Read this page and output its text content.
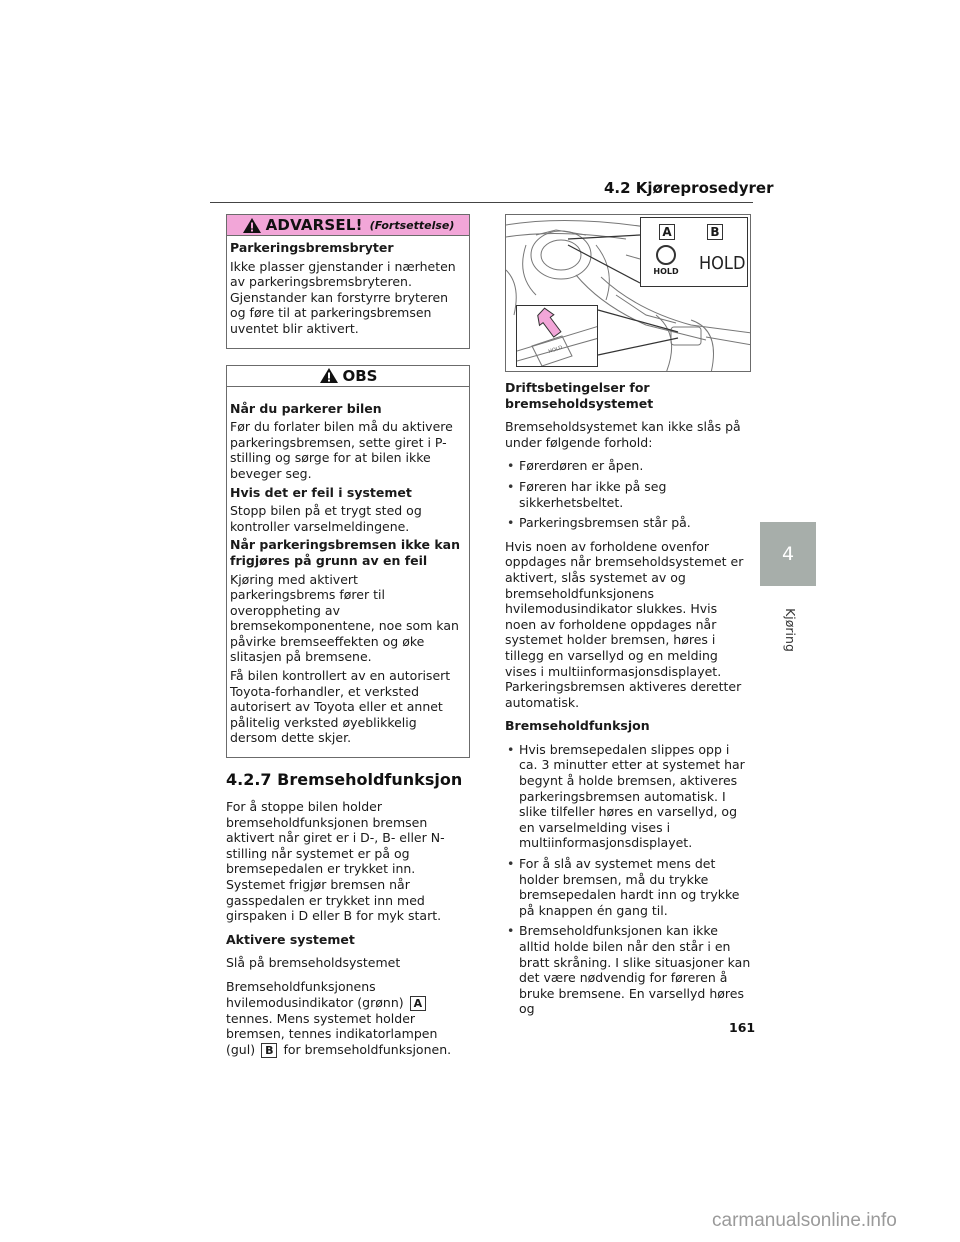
4.2 Kjøreprosedyrer
ADVARSEL! (Fortsettelse)
Parkeringsbremsbryter

Ikke plasser gjenstander i nærheten av parkeringsbremsbryteren. Gjenstander kan forstyrre bryteren og føre til at parkeringsbremsen uventet blir aktivert.

OBS
Når du parkerer bilen

Før du forlater bilen må du aktivere parkeringsbremsen, sette giret i P-stilling og sørge for at bilen ikke beveger seg.

Hvis det er feil i systemet

Stopp bilen på et trygt sted og kontroller varselmeldingene.

Når parkeringsbremsen ikke kan frigjøres på grunn av en feil

Kjøring med aktivert parkeringsbrems fører til overoppheting av bremsekomponentene, noe som kan påvirke bremseeffekten og øke slitasjen på bremsene.

Få bilen kontrollert av en autorisert Toyota-forhandler, et verksted autorisert av Toyota eller et annet pålitelig verksted øyeblikkelig dersom dette skjer.

4.2.7 Bremseholdfunksjon

For å stoppe bilen holder bremseholdfunksjonen bremsen aktivert når giret er i D-, B- eller N-stilling når systemet er på og bremsepedalen er trykket inn. Systemet frigjør bremsen når gasspedalen er trykket inn med girspaken i D eller B for myk start.

Aktivere systemet

Slå på bremseholdsystemet

Bremseholdfunksjonens hvilemodusindikator (grønn) A tennes. Mens systemet holder bremsen, tennes indikatorlampen (gul) B for bremseholdfunksjonen.

A	B
HOLD HOLD
HOLD

Driftsbetingelser for bremseholdsystemet

Bremseholdsystemet kan ikke slås på under følgende forhold:

• Førerdøren er åpen.
• Føreren har ikke på seg sikkerhetsbeltet.
• Parkeringsbremsen står på.

Hvis noen av forholdene ovenfor oppdages når bremseholdsystemet er aktivert, slås systemet av og bremseholdfunksjonens hvilemodusindikator slukkes. Hvis noen av forholdene oppdages når systemet holder bremsen, høres i tillegg en varsellyd og en melding vises i multiinformasjonsdisplayet. Parkeringsbremsen aktiveres deretter automatisk.

Bremseholdfunksjon
• Hvis bremsepedalen slippes opp i ca. 3 minutter etter at systemet har begynt å holde bremsen, aktiveres parkeringsbremsen automatisk. I slike tilfeller høres en varsellyd, og en varselmelding vises i multiinformasjonsdisplayet.
• For å slå av systemet mens det holder bremsen, må du trykke bremsepedalen hardt inn og trykke på knappen én gang til.
• Bremseholdfunksjonen kan ikke alltid holde bilen når den står i en bratt skråning. I slike situasjoner kan det være nødvendig for føreren å bruke bremsene. En varsellyd høres og
4
Kjøring
161
carmanualsonline.info
